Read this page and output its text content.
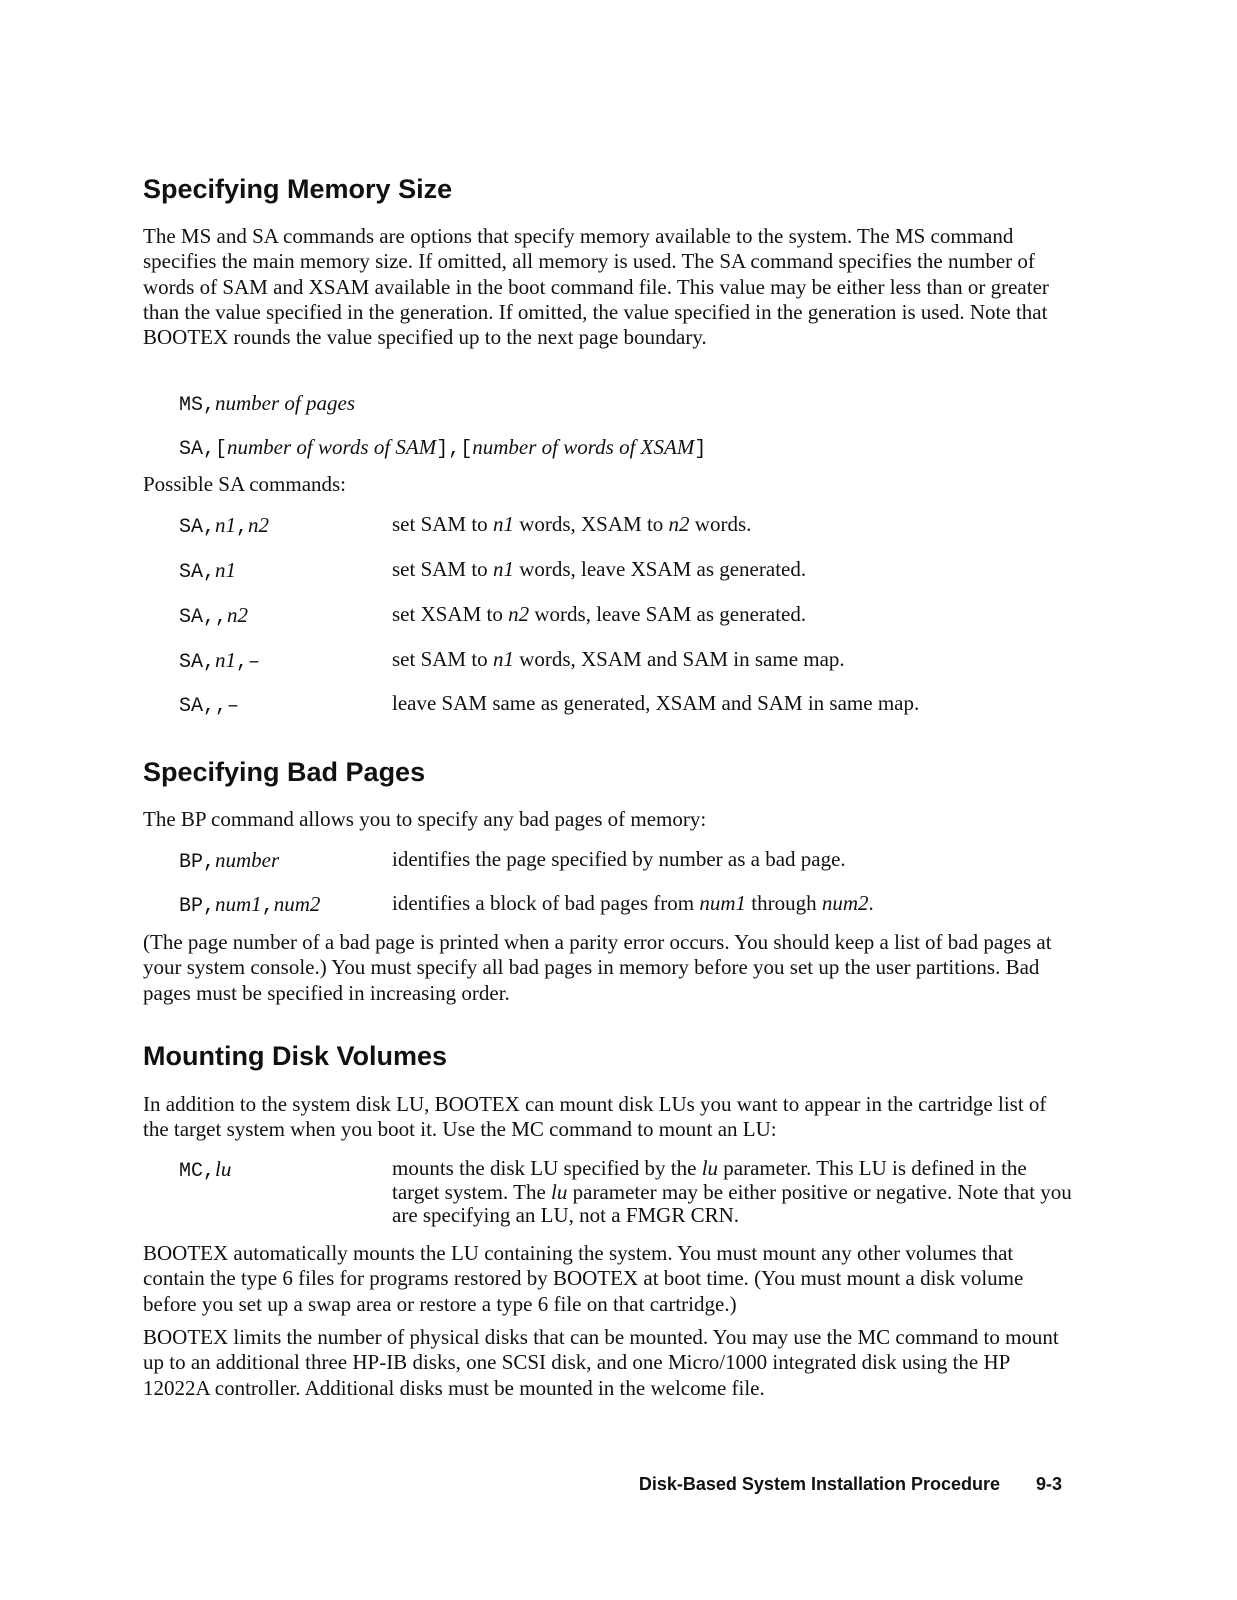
Specifying Memory Size

The MS and SA commands are options that specify memory available to the system. The MS command specifies the main memory size. If omitted, all memory is used. The SA command specifies the number of words of SAM and XSAM available in the boot command file. This value may be either less than or greater than the value specified in the generation. If omitted, the value specified in the generation is used. Note that BOOTEX rounds the value specified up to the next page boundary.

MS,number of pages

SA,[number of words of SAM],[number of words of XSAM]

Possible SA commands:

SA,n1,n2	set SAM to n1 words, XSAM to n2 words.
SA,n1	set SAM to n1 words, leave XSAM as generated.
SA,,n2	set XSAM to n2 words, leave SAM as generated.
SA,n1,–	set SAM to n1 words, XSAM and SAM in same map.
SA,,–	leave SAM same as generated, XSAM and SAM in same map.
Specifying Bad Pages

The BP command allows you to specify any bad pages of memory:

BP,number	identifies the page specified by number as a bad page.
BP,num1,num2	identifies a block of bad pages from num1 through num2.

(The page number of a bad page is printed when a parity error occurs. You should keep a list of bad pages at your system console.) You must specify all bad pages in memory before you set up the user partitions. Bad pages must be specified in increasing order.

Mounting Disk Volumes

In addition to the system disk LU, BOOTEX can mount disk LUs you want to appear in the cartridge list of the target system when you boot it. Use the MC command to mount an LU:

MC,lu	mounts the disk LU specified by the lu parameter. This LU is defined in the target system. The lu parameter may be either positive or negative. Note that you are specifying an LU, not a FMGR CRN.

BOOTEX automatically mounts the LU containing the system. You must mount any other volumes that contain the type 6 files for programs restored by BOOTEX at boot time. (You must mount a disk volume before you set up a swap area or restore a type 6 file on that cartridge.)

BOOTEX limits the number of physical disks that can be mounted. You may use the MC command to mount up to an additional three HP-IB disks, one SCSI disk, and one Micro/1000 integrated disk using the HP 12022A controller. Additional disks must be mounted in the welcome file.

Disk-Based System Installation Procedure 9-3
